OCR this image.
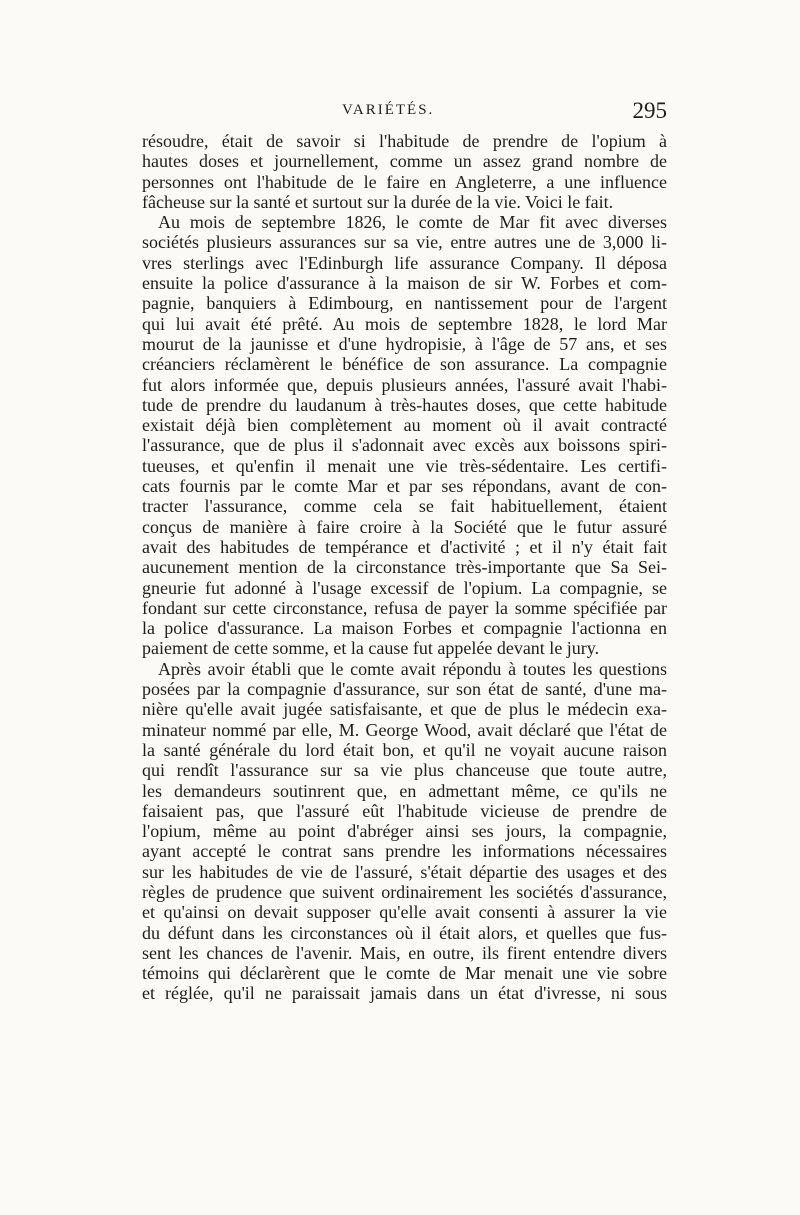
VARIÉTÉS.	295
résoudre, était de savoir si l'habitude de prendre de l'opium à
hautes doses et journellement, comme un assez grand nombre de
personnes ont l'habitude de le faire en Angleterre, a une influence
fâcheuse sur la santé et surtout sur la durée de la vie. Voici le fait.
Au mois de septembre 1826, le comte de Mar fit avec diverses
sociétés plusieurs assurances sur sa vie, entre autres une de 3,000 li-
vres sterlings avec l'Edinburgh life assurance Company. Il déposa
ensuite la police d'assurance à la maison de sir W. Forbes et com-
pagnie, banquiers à Edimbourg, en nantissement pour de l'argent
qui lui avait été prêté. Au mois de septembre 1828, le lord Mar
mourut de la jaunisse et d'une hydropisie, à l'âge de 57 ans, et ses
créanciers réclamèrent le bénéfice de son assurance. La compagnie
fut alors informée que, depuis plusieurs années, l'assuré avait l'habi-
tude de prendre du laudanum à très-hautes doses, que cette habitude
existait déjà bien complètement au moment où il avait contracté
l'assurance, que de plus il s'adonnait avec excès aux boissons spiri-
tueuses, et qu'enfin il menait une vie très-sédentaire. Les certifi-
cats fournis par le comte Mar et par ses répondans, avant de con-
tracter l'assurance, comme cela se fait habituellement, étaient
conçus de manière à faire croire à la Société que le futur assuré
avait des habitudes de tempérance et d'activité ; et il n'y était fait
aucunement mention de la circonstance très-importante que Sa Sei-
gneurie fut adonné à l'usage excessif de l'opium. La compagnie, se
fondant sur cette circonstance, refusa de payer la somme spécifiée par
la police d'assurance. La maison Forbes et compagnie l'actionna en
paiement de cette somme, et la cause fut appelée devant le jury.
Après avoir établi que le comte avait répondu à toutes les questions
posées par la compagnie d'assurance, sur son état de santé, d'une ma-
nière qu'elle avait jugée satisfaisante, et que de plus le médecin exa-
minateur nommé par elle, M. George Wood, avait déclaré que l'état de
la santé générale du lord était bon, et qu'il ne voyait aucune raison
qui rendît l'assurance sur sa vie plus chanceuse que toute autre,
les demandeurs soutinrent que, en admettant même, ce qu'ils ne
faisaient pas, que l'assuré eût l'habitude vicieuse de prendre de
l'opium, même au point d'abréger ainsi ses jours, la compagnie,
ayant accepté le contrat sans prendre les informations nécessaires
sur les habitudes de vie de l'assuré, s'était départie des usages et des
règles de prudence que suivent ordinairement les sociétés d'assurance,
et qu'ainsi on devait supposer qu'elle avait consenti à assurer la vie
du défunt dans les circonstances où il était alors, et quelles que fus-
sent les chances de l'avenir. Mais, en outre, ils firent entendre divers
témoins qui déclarèrent que le comte de Mar menait une vie sobre
et réglée, qu'il ne paraissait jamais dans un état d'ivresse, ni sous
